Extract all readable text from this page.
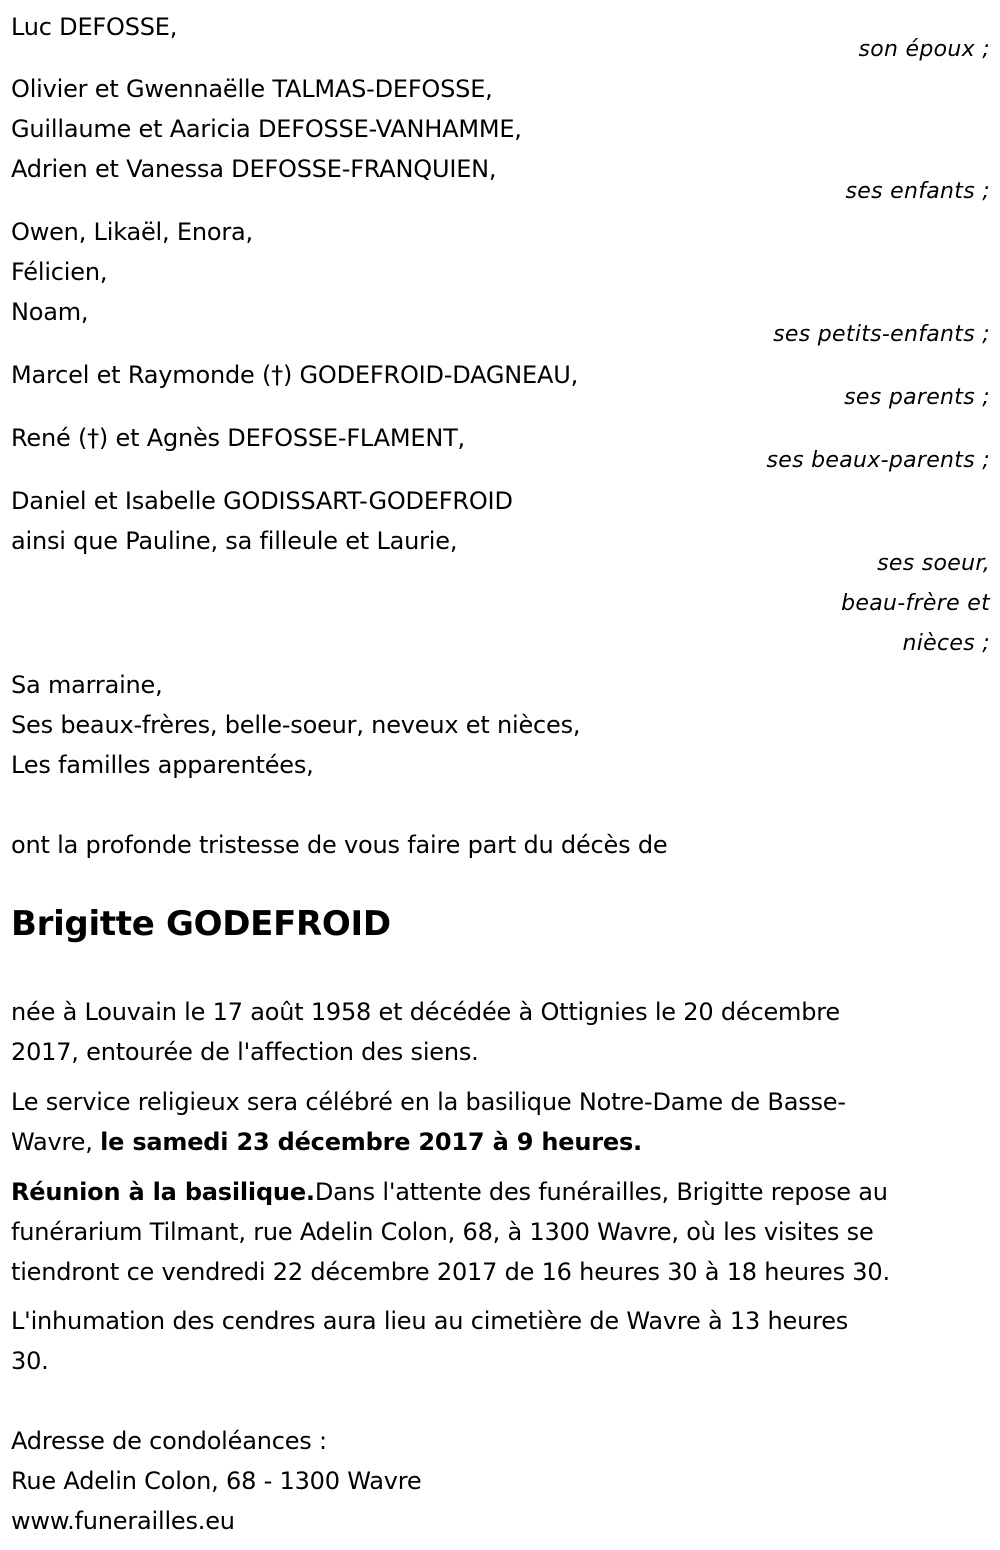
Luc DEFOSSE,
son époux ;
Olivier et Gwennaëlle TALMAS-DEFOSSE,
Guillaume et Aaricia DEFOSSE-VANHAMME,
Adrien et Vanessa DEFOSSE-FRANQUIEN,
ses enfants ;
Owen, Likaël, Enora,
Félicien,
Noam,
ses petits-enfants ;
Marcel et Raymonde (†) GODEFROID-DAGNEAU,
ses parents ;
René (†) et Agnès DEFOSSE-FLAMENT,
ses beaux-parents ;
Daniel et Isabelle GODISSART-GODEFROID
ainsi que Pauline, sa filleule et Laurie,
ses soeur,
beau-frère et
nièces ;
Sa marraine,
Ses beaux-frères, belle-soeur, neveux et nièces,
Les familles apparentées,
ont la profonde tristesse de vous faire part du décès de
Brigitte GODEFROID
née à Louvain le 17 août 1958 et décédée à Ottignies le 20 décembre
2017, entourée de l'affection des siens.
Le service religieux sera célébré en la basilique Notre-Dame de Basse-
Wavre, le samedi 23 décembre 2017 à 9 heures.
Réunion à la basilique.Dans l'attente des funérailles, Brigitte repose au
funérarium Tilmant, rue Adelin Colon, 68, à 1300 Wavre, où les visites se
tiendront ce vendredi 22 décembre 2017 de 16 heures 30 à 18 heures 30.
L'inhumation des cendres aura lieu au cimetière de Wavre à 13 heures
30.
Adresse de condoléances :
Rue Adelin Colon, 68 - 1300 Wavre
www.funerailles.eu
